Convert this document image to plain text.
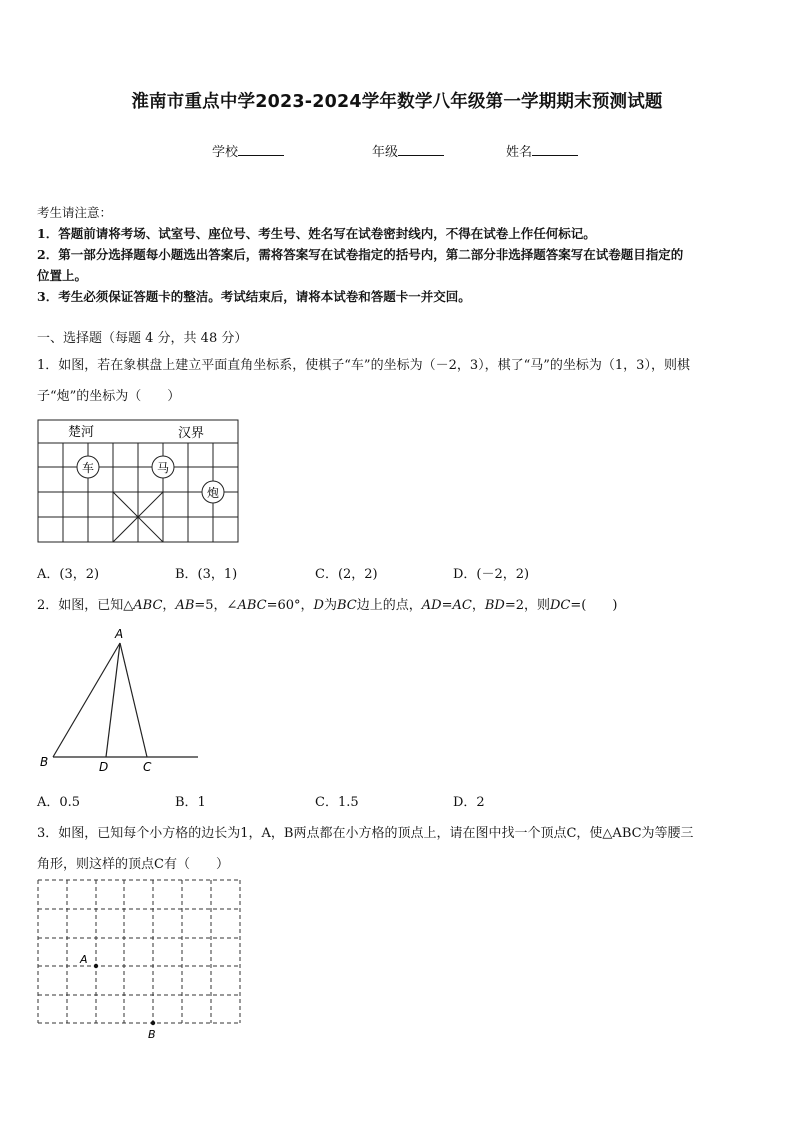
淮南市重点中学2023-2024学年数学八年级第一学期期末预测试题
学校	年级	姓名
考生请注意：
1．答题前请将考场、试室号、座位号、考生号、姓名写在试卷密封线内，不得在试卷上作任何标记。
2．第一部分选择题每小题选出答案后，需将答案写在试卷指定的括号内，第二部分非选择题答案写在试卷题目指定的
位置上。
3．考生必须保证答题卡的整洁。考试结束后，请将本试卷和答题卡一并交回。
一、选择题（每题 4 分，共 48 分）
1．如图，若在象棋盘上建立平面直角坐标系，使棋子“车”的坐标为（－2，3），棋了“马”的坐标为（1，3），则棋
子“炮”的坐标为（　　）
楚河	汉界
车	马
炮
A．(3，2)	B．(3，1)	C．(2，2)	D．(－2，2)
2．如图，已知△ABC，AB=5，∠ABC=60°，D为BC边上的点，AD=AC，BD=2，则DC=(　　)
A
B	D	C
A．0.5	B．1	C．1.5	D．2
3．如图，已知每个小方格的边长为1，A，B两点都在小方格的顶点上，请在图中找一个顶点C，使△ABC为等腰三
角形，则这样的顶点C有（　　）
A
B
